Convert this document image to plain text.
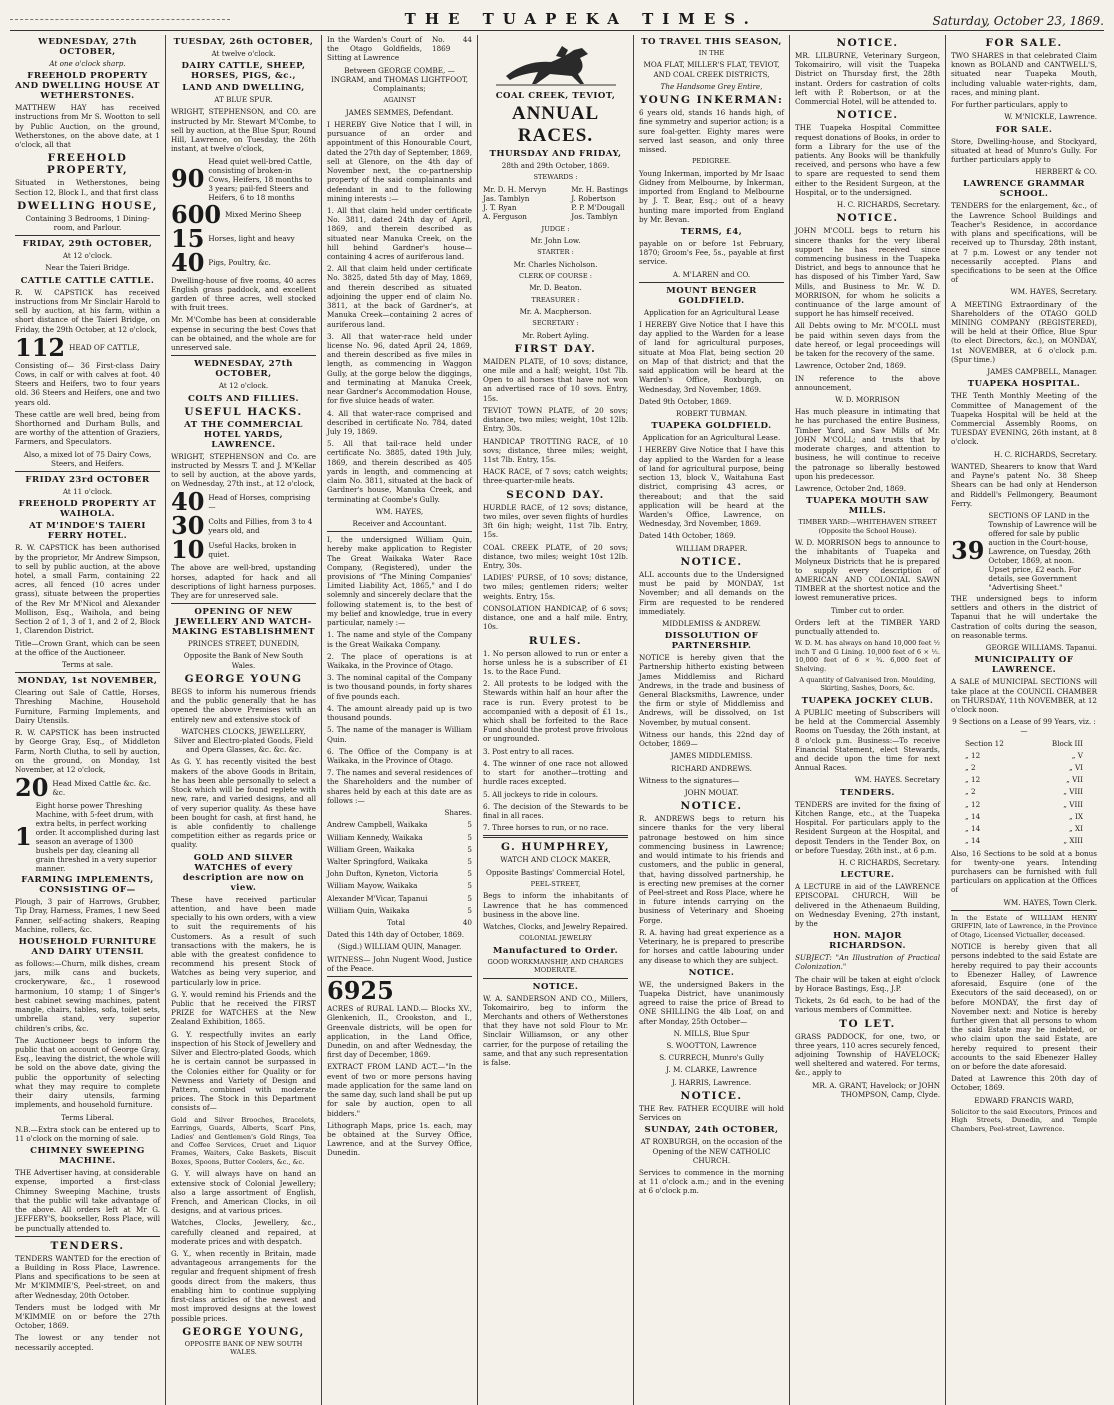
THE TUAPEKA TIMES.	Saturday, October 23, 1869.
WEDNESDAY, 27th OCTOBER,
At one o'clock sharp.
FREEHOLD PROPERTY AND DWELLING HOUSE AT WETHERSTONES.
MATTHEW HAY has received instructions from Mr S. Wootton to sell by Public Auction, on the ground, Wetherstones, on the above date, at 1 o'clock, all that
FREEHOLD PROPERTY,
Situated in Wetherstones, being Section 12, Block I., and that first class
DWELLING HOUSE,
Containing 3 Bedrooms, 1 Dining-room, and Parlour.
FRIDAY, 29th OCTOBER,
At 12 o'clock.
Near the Taieri Bridge.
CATTLE CATTLE CATTLE.
R. W. CAPSTICK has received instructions from Mr Sinclair Harold to sell by auction, at his farm, within a short distance of the Taieri Bridge, on Friday, the 29th October, at 12 o'clock,
112 HEAD OF CATTLE,
Consisting of— 36 First-class Dairy Cows, in calf or with calves at foot. 40 Steers and Heifers, two to four years old. 36 Steers and Heifers, one and two years old.
These cattle are well bred, being from Shorthorned and Durham Bulls, and are worthy of the attention of Graziers, Farmers, and Speculators.
Also, a mixed lot of 75 Dairy Cows, Steers, and Heifers.
FRIDAY 23rd OCTOBER
At 11 o'clock.
FREEHOLD PROPERTY AT WAIHOLA.
AT M'INDOE'S TAIERI FERRY HOTEL.
R. W. CAPSTICK has been authorised by the proprietor, Mr Andrew Simpson, to sell by public auction, at the above hotel, a small Farm, containing 22 acres, all fenced (10 acres under grass), situate between the properties of the Rev Mr M'Nicol and Alexander Mollison, Esq., Waihola, and being Section 2 of 1, 3 of 1, and 2 of 2, Block 1, Clarendon District.
Title—Crown Grant, which can be seen at the office of the Auctioneer.
Terms at sale.
MONDAY, 1st NOVEMBER,
Clearing out Sale of Cattle, Horses, Threshing Machine, Household Furniture, Farming Implements, and Dairy Utensils.
R. W. CAPSTICK has been instructed by George Gray, Esq., of Middleton Farm, North Clutha, to sell by auction, on the ground, on Monday, 1st November, at 12 o'clock,
20 Head Mixed Cattle &c. &c. &c.
1
Eight horse power Threshing Machine, with 5-feet drum, with extra belts, in perfect working order. It accomplished during last season an average of 1300 bushels per day, cleaning all grain threshed in a very superior manner.
FARMING IMPLEMENTS, CONSISTING OF—
Plough, 3 pair of Harrows, Grubber, Tip Dray, Harness, Frames, 1 new Seed Fanner, self-acting shakers, Reaping Machine, rollers, &c.
HOUSEHOLD FURNITURE AND DAIRY UTENSIL
as follows:—Churn, milk dishes, cream jars, milk cans and buckets, crockeryware, &c., 1 rosewood harmonium, 10 stamp; 1 of Singer's best cabinet sewing machines, patent mangle, chairs, tables, sofa, toilet sets, umbrella stand, very superior children's cribs, &c.
The Auctioneer begs to inform the public that on account of George Gray, Esq., leaving the district, the whole will be sold on the above date, giving the public the opportunity of selecting what they may require to complete their dairy utensils, farming implements, and household furniture.
Terms Liberal.
N.B.—Extra stock can be entered up to 11 o'clock on the morning of sale.
CHIMNEY SWEEPING MACHINE.
THE Advertiser having, at considerable expense, imported a first-class Chimney Sweeping Machine, trusts that the public will take advantage of the above. All orders left at Mr G. JEFFERY'S, bookseller, Ross Place, will be punctually attended to.
TENDERS.
TENDERS WANTED for the erection of a Building in Ross Place, Lawrence. Plans and specifications to be seen at Mr M'KIMMIE'S, Peel-street, on and after Wednesday, 20th October.
Tenders must be lodged with Mr M'KIMMIE on or before the 27th October, 1869.
The lowest or any tender not necessarily accepted.
TUESDAY, 26th OCTOBER,
At twelve o'clock.
DAIRY CATTLE, SHEEP, HORSES, PIGS, &c.,
LAND AND DWELLING,
AT BLUE SPUR.
WRIGHT, STEPHENSON, and CO. are instructed by Mr. Stewart M'Combe, to sell by auction, at the Blue Spur, Round Hill, Lawrence, on Tuesday, the 26th instant, at twelve o'clock,
90
Head quiet well-bred Cattle, consisting of broken-in Cows, Heifers, 18 months to 3 years; pail-fed Steers and Heifers, 6 to 18 months
600 Mixed Merino Sheep
15 Horses, light and heavy
40 Pigs, Poultry, &c.
Dwelling-house of five rooms, 40 acres English grass paddock, and excellent garden of three acres, well stocked with fruit trees.
Mr. M'Combe has been at considerable expense in securing the best Cows that can be obtained, and the whole are for unreserved sale.
WEDNESDAY, 27th OCTOBER,
At 12 o'clock.
COLTS AND FILLIES.
USEFUL HACKS.
AT THE COMMERCIAL HOTEL YARDS, LAWRENCE.
WRIGHT, STEPHENSON and Co. are instructed by Messrs T. and J. M'Kellar to sell by auction, at the above yards, on Wednesday, 27th inst., at 12 o'clock,
40 Head of Horses, comprising—
30 Colts and Fillies, from 3 to 4 years old, and
10 Useful Hacks, broken in quiet.
The above are well-bred, upstanding horses, adapted for hack and all descriptions of light harness purposes. They are for unreserved sale.
OPENING OF NEW JEWELLERY AND WATCH-MAKING ESTABLISHMENT
PRINCES STREET, DUNEDIN,
Opposite the Bank of New South Wales.
GEORGE YOUNG
BEGS to inform his numerous friends and the public generally that he has opened the above Premises with an entirely new and extensive stock of
WATCHES CLOCKS, JEWELLERY, Silver and Electro-plated Goods, Field and Opera Glasses, &c. &c. &c.
As G. Y. has recently visited the best makers of the above Goods in Britain, he has been able personally to select a Stock which will be found replete with new, rare, and varied designs, and all of very superior quality. As these have been bought for cash, at first hand, he is able confidently to challenge competition either as regards price or quality.
GOLD AND SILVER WATCHES of every description are now on view.
These have received particular attention, and have been made specially to his own orders, with a view to suit the requirements of his Customers. As a result of such transactions with the makers, he is able with the greatest confidence to recommend his present Stock of Watches as being very superior, and particularly low in price.
G. Y. would remind his Friends and the Public that he received the FIRST PRIZE for WATCHES at the New Zealand Exhibition, 1865.
G. Y. respectfully invites an early inspection of his Stock of Jewellery and Silver and Electro-plated Goods, which he is certain cannot be surpassed in the Colonies either for Quality or for Newness and Variety of Design and Pattern, combined with moderate prices. The Stock in this Department consists of—
Gold and Silver Brooches, Bracelets, Earrings, Guards, Alberts, Scarf Pins, Ladies' and Gentlemen's Gold Rings, Tea and Coffee Services, Cruet and Liquor Frames, Waiters, Cake Baskets, Biscuit Boxes, Spoons, Butter Coolers, &c., &c.
G. Y. will always have on hand an extensive stock of Colonial Jewellery; also a large assortment of English, French, and American Clocks, in oil designs, and at various prices.
Watches, Clocks, Jewellery, &c., carefully cleaned and repaired, at moderate prices and with despatch.
G. Y., when recently in Britain, made advantageous arrangements for the regular and frequent shipment of fresh goods direct from the makers, thus enabling him to continue supplying first-class articles of the newest and most improved designs at the lowest possible prices.
GEORGE YOUNG,
OPPOSITE BANK OF NEW SOUTH WALES.
In the Warden's Court of the Otago Goldfields, Sitting at Lawrence
No. 44 1869
Between GEORGE COMBE, — INGRAM, and THOMAS LIGHTFOOT, Complainants;
AGAINST
JAMES SEMMES, Defendant.
I HEREBY Give Notice that I will, in pursuance of an order and appointment of this Honourable Court, dated the 27th day of September, 1869, sell at Glenore, on the 4th day of November next, the co-partnership property of the said complainants and defendant in and to the following mining interests :—
1. All that claim held under certificate No. 3811, dated 24th day of April, 1869, and therein described as situated near Manuka Creek, on the hill behind Gardner's house—containing 4 acres of auriferous land.
2. All that claim held under certificate No. 3825, dated 5th day of May, 1869, and therein described as situated adjoining the upper end of claim No. 3811, at the back of Gardner's, at Manuka Creek—containing 2 acres of auriferous land.
3. All that water-race held under license No. 96, dated April 24, 1869, and therein described as five miles in length, as commencing in Waggon Gully, at the gorge below the diggings, and terminating at Manuka Creek, near Gardner's Accommodation House, for five sluice heads of water.
4. All that water-race comprised and described in certificate No. 784, dated July 19, 1869.
5. All that tail-race held under certificate No. 3885, dated 19th July, 1869, and therein described as 405 yards in length, and commencing at claim No. 3811, situated at the back of Gardner's house, Manuka Creek, and terminating at Coombe's Gully.
WM. HAYES,
Receiver and Accountant.
I, the undersigned William Quin, hereby make application to Register The Great Waikaka Water Race Company, (Registered), under the provisions of "The Mining Companies' Limited Liability Act, 1865," and I do solemnly and sincerely declare that the following statement is, to the best of my belief and knowledge, true in every particular, namely :—
1. The name and style of the Company is the Great Waikaka Company.
2. The place of operations is at Waikaka, in the Province of Otago.
3. The nominal capital of the Company is two thousand pounds, in forty shares of five pounds each.
4. The amount already paid up is two thousand pounds.
5. The name of the manager is William Quin.
6. The Office of the Company is at Waikaka, in the Province of Otago.
7. The names and several residences of the Shareholders and the number of shares held by each at this date are as follows :—
Shares.
Andrew Campbell, Waikaka	5
William Kennedy, Waikaka	5
William Green, Waikaka	5
Walter Springford, Waikaka	5
John Dufton, Kyneton, Victoria	5
William Mayow, Waikaka	5
Alexander M'Vicar, Tapanui	5
William Quin, Waikaka	5
Total	40
Dated this 14th day of October, 1869.
(Sigd.) WILLIAM QUIN, Manager.
WITNESS— John Nugent Wood, Justice of the Peace.
6925
ACRES of RURAL LAND.— Blocks XV., Glenkenich, II., Crookston, and I., Greenvale districts, will be open for application, in the Land Office, Dunedin, on and after Wednesday, the first day of December, 1869.
EXTRACT FROM LAND ACT.—"In the event of two or more persons having made application for the same land on the same day, such land shall be put up for sale by auction, open to all bidders."
Lithograph Maps, price 1s. each, may be obtained at the Survey Office, Lawrence, and at the Survey Office, Dunedin.
COAL CREEK, TEVIOT,
ANNUAL RACES.
THURSDAY AND FRIDAY,
28th and 29th October, 1869.
STEWARDS :
Mr. D. H. Mervyn
Jas. Tamblyn
J. T. Ryan
A. Ferguson
Mr. H. Bastings
J. Robertson
P. P. M'Dougall
Jos. Tamblyn
JUDGE :
Mr. John Low.
STARTER :
Mr. Charles Nicholson.
CLERK OF COURSE :
Mr. D. Beaton.
TREASURER :
Mr. A. Macpherson.
SECRETARY :
Mr. Robert Ayling.
FIRST DAY.
MAIDEN PLATE, of 10 sovs; distance, one mile and a half; weight, 10st 7lb. Open to all horses that have not won an advertised race of 10 sovs. Entry, 15s.
TEVIOT TOWN PLATE, of 20 sovs; distance, two miles; weight, 10st 12lb. Entry, 30s.
HANDICAP TROTTING RACE, of 10 sovs; distance, three miles; weight, 11st 7lb. Entry, 15s.
HACK RACE, of 7 sovs; catch weights; three-quarter-mile heats.
SECOND DAY.
HURDLE RACE, of 12 sovs; distance, two miles, over seven flights of hurdles 3ft 6in high; weight, 11st 7lb. Entry, 15s.
COAL CREEK PLATE, of 20 sovs; distance, two miles; weight 10st 12lb. Entry, 30s.
LADIES' PURSE, of 10 sovs; distance, two miles; gentlemen riders; welter weights. Entry, 15s.
CONSOLATION HANDICAP, of 6 sovs; distance, one and a half mile. Entry, 10s.
RULES.
1. No person allowed to run or enter a horse unless he is a subscriber of £1 1s. to the Race Fund.
2. All protests to be lodged with the Stewards within half an hour after the race is run. Every protest to be accompanied with a deposit of £1 1s., which shall be forfeited to the Race Fund should the protest prove frivolous or ungrounded.
3. Post entry to all races.
4. The winner of one race not allowed to start for another—trotting and hurdle races excepted.
5. All jockeys to ride in colours.
6. The decision of the Stewards to be final in all races.
7. Three horses to run, or no race.
G. HUMPHREY,
WATCH AND CLOCK MAKER,
Opposite Bastings' Commercial Hotel,
PEEL-STREET,
Begs to inform the inhabitants of Lawrence that he has commenced business in the above line.
Watches, Clocks, and Jewelry Repaired.
COLONIAL JEWELRY
Manufactured to Order.
GOOD WORKMANSHIP, AND CHARGES MODERATE.
NOTICE.
W. A. SANDERSON AND CO., Millers, Tokomairiro, beg to inform the Merchants and others of Wetherstones that they have not sold Flour to Mr. Sinclair Williamson, or any other carrier, for the purpose of retailing the same, and that any such representation is false.
TO TRAVEL THIS SEASON,
IN THE
MOA FLAT, MILLER'S FLAT, TEVIOT, AND COAL CREEK DISTRICTS,
The Handsome Grey Entire,
YOUNG INKERMAN:
6 years old, stands 16 hands high, of fine symmetry and superior action; is a sure foal-getter. Eighty mares were served last season, and only three missed.
PEDIGREE.
Young Inkerman, imported by Mr Isaac Gidney from Melbourne, by Inkerman, imported from England to Melbourne by J. T. Bear, Esq.; out of a heavy hunting mare imported from England by Mr. Bevan.
TERMS, £4,
payable on or before 1st February, 1870; Groom's Fee, 5s., payable at first service.
A. M'LAREN and CO.
MOUNT BENGER GOLDFIELD.
Application for an Agricultural Lease
I HEREBY Give Notice that I have this day applied to the Warden for a lease of land for agricultural purposes, situate at Moa Flat, being section 20 on Map of that district; and that the said application will be heard at the Warden's Office, Roxburgh, on Wednesday, 3rd November, 1869.
Dated 9th October, 1869.
ROBERT TUBMAN.
TUAPEKA GOLDFIELD.
Application for an Agricultural Lease.
I HEREBY Give Notice that I have this day applied to the Warden for a lease of land for agricultural purpose, being section 13, block V., Waitahuna East district, comprising 43 acres, or thereabout; and that the said application will be heard at the Warden's Office, Lawrence, on Wednesday, 3rd November, 1869.
Dated 14th October, 1869.
WILLIAM DRAPER.
NOTICE.
ALL accounts due to the Undersigned must be paid by MONDAY, 1st November; and all demands on the Firm are requested to be rendered immediately.
MIDDLEMISS & ANDREW.
DISSOLUTION OF PARTNERSHIP.
NOTICE is hereby given that the Partnership hitherto existing between James Middlemiss and Richard Andrews, in the trade and business of General Blacksmiths, Lawrence, under the firm or style of Middlemiss and Andrews, will be dissolved, on 1st November, by mutual consent.
Witness our hands, this 22nd day of October, 1869—
JAMES MIDDLEMISS.
RICHARD ANDREWS.
Witness to the signatures—
JOHN MOUAT.
NOTICE.
R. ANDREWS begs to return his sincere thanks for the very liberal patronage bestowed on him since commencing business in Lawrence; and would intimate to his friends and customers, and the public in general, that, having dissolved partnership, he is erecting new premises at the corner of Peel-street and Ross Place, where he in future intends carrying on the business of Veterinary and Shoeing Forge.
R. A. having had great experience as a Veterinary, he is prepared to prescribe for horses and cattle labouring under any disease to which they are subject.
NOTICE.
WE, the undersigned Bakers in the Tuapeka District, have unanimously agreed to raise the price of Bread to ONE SHILLING the 4lb Loaf, on and after Monday, 25th October—
N. MILLS, Blue Spur
S. WOOTTON, Lawrence
S. CURRECH, Munro's Gully
J. M. CLARKE, Lawrence
J. HARRIS, Lawrence.
NOTICE.
THE Rev. FATHER ECQUIRE will hold Services on
SUNDAY, 24th OCTOBER,
AT ROXBURGH, on the occasion of the Opening of the NEW CATHOLIC CHURCH.
Services to commence in the morning at 11 o'clock a.m.; and in the evening at 6 o'clock p.m.
NOTICE.
MR. LILBURNE, Veterinary Surgeon, Tokomairiro, will visit the Tuapeka District on Thursday first, the 28th instant. Orders for castration of colts left with P. Robertson, or at the Commercial Hotel, will be attended to.
NOTICE.
THE Tuapeka Hospital Committee request donations of Books, in order to form a Library for the use of the patients. Any Books will be thankfully received, and persons who have a few to spare are requested to send them either to the Resident Surgeon, at the Hospital, or to the undersigned.
H. C. RICHARDS, Secretary.
NOTICE.
JOHN M'COLL begs to return his sincere thanks for the very liberal support he has received since commencing business in the Tuapeka District, and begs to announce that he has disposed of his Timber Yard, Saw Mills, and Business to Mr. W. D. MORRISON, for whom he solicits a continuance of the large amount of support he has himself received.
All Debts owing to Mr. M'COLL must be paid within seven days from the date hereof, or legal proceedings will be taken for the recovery of the same.
Lawrence, October 2nd, 1869.
IN reference to the above announcement,
W. D. MORRISON
Has much pleasure in intimating that he has purchased the entire Business, Timber Yard, and Saw Mills of Mr. JOHN M'COLL; and trusts that by moderate charges, and attention to business, he will continue to receive the patronage so liberally bestowed upon his predecessor.
Lawrence, October 2nd, 1869.
TUAPEKA MOUTH SAW MILLS.
TIMBER YARD:—WHITEHAVEN STREET (Opposite the School House).
W. D. MORRISON begs to announce to the inhabitants of Tuapeka and Molyneux Districts that he is prepared to supply every description of AMERICAN AND COLONIAL SAWN TIMBER at the shortest notice and the lowest remunerative prices.
Timber cut to order.
Orders left at the TIMBER YARD punctually attended to.
W. D. M. has always on hand 10,000 feet ½ inch T and G Lining. 10,000 feet of 6 × ½. 10,000 feet of 6 × ¾. 6,000 feet of Shelving.
A quantity of Galvanised Iron. Moulding, Skirting, Sashes, Doors, &c.
TUAPEKA JOCKEY CLUB.
A PUBLIC meeting of Subscribers will be held at the Commercial Assembly Rooms on Tuesday, the 26th instant, at 8 o'clock p.m. Business:—To receive Financial Statement, elect Stewards, and decide upon the time for next Annual Races.
WM. HAYES. Secretary
TENDERS.
TENDERS are invited for the fixing of Kitchen Range, etc., at the Tuapeka Hospital. For particulars apply to the Resident Surgeon at the Hospital, and deposit Tenders in the Tender Box, on or before Tuesday, 26th inst., at 6 p.m.
H. C RICHARDS, Secretary.
LECTURE.
A LECTURE in aid of the LAWRENCE EPISCOPAL CHURCH, Will be delivered in the Athenaeum Building, on Wednesday Evening, 27th instant, by the
HON. MAJOR RICHARDSON.
SUBJECT: "An Illustration of Practical Colonization."
The chair will be taken at eight o'clock by Horace Bastings, Esq., J.P.
Tickets, 2s 6d each, to be had of the various members of Committee.
TO LET.
GRASS PADDOCK, for one, two, or three years, 110 acres securely fenced, adjoining Township of HAVELOCK; well sheltered and watered. For terms, &c., apply to
MR. A. GRANT, Havelock; or JOHN THOMPSON, Camp, Clyde.
FOR SALE.
TWO SHARES in that celebrated Claim known as BOLAND and CANTWELL'S, situated near Tuapeka Mouth, including valuable water-rights, dam, races, and mining plant.
For further particulars, apply to
W. M'NICKLE, Lawrence.
FOR SALE.
Store, Dwelling-house, and Stockyard, situated at head of Munro's Gully. For further particulars apply to
HERBERT & CO.
LAWRENCE GRAMMAR SCHOOL.
TENDERS for the enlargement, &c., of the Lawrence School Buildings and Teacher's Residence, in accordance with plans and specifications, will be received up to Thursday, 28th instant, at 7 p.m. Lowest or any tender not necessarily accepted. Plans and specifications to be seen at the Office of
WM. HAYES, Secretary.
A MEETING Extraordinary of the Shareholders of the OTAGO GOLD MINING COMPANY (REGISTERED), will be held at their Office, Blue Spur (to elect Directors, &c.), on MONDAY, 1st NOVEMBER, at 6 o'clock p.m. (Spur time.)
JAMES CAMPBELL, Manager.
TUAPEKA HOSPITAL.
THE Tenth Monthly Meeting of the Committee of Management of the Tuapeka Hospital will be held at the Commercial Assembly Rooms, on TUESDAY EVENING, 26th instant, at 8 o'clock.
H. C. RICHARDS, Secretary.
WANTED, Shearers to know that Ward and Payne's patent No. 38 Sheep Shears can be had only at Henderson and Riddell's Fellmongery, Beaumont Ferry.
39
SECTIONS OF LAND in the Township of Lawrence will be offered for sale by public auction in the Court-house, Lawrence, on Tuesday, 26th October, 1869, at noon. Upset price, £2 each. For details, see Government "Advertising Sheet."
THE undersigned begs to inform settlers and others in the district of Tapanui that he will undertake the Castration of colts during the season, on reasonable terms.
GEORGE WILLIAMS. Tapanui.
MUNICIPALITY OF LAWRENCE.
A SALE of MUNICIPAL SECTIONS will take place at the COUNCIL CHAMBER on THURSDAY, 11th NOVEMBER, at 12 o'clock noon.
9 Sections on a Lease of 99 Years, viz. :—
Section 12	Block III
„ 12	„ V
„ 2	„ VI
„ 12	„ VII
„ 2	„ VIII
„ 12	„ VIII
„ 14	„ IX
„ 14	„ XI
„ 14	„ XIII
Also, 16 Sections to be sold at a bonus for twenty-one years. Intending purchasers can be furnished with full particulars on application at the Offices of
WM. HAYES, Town Clerk.
In the Estate of WILLIAM HENRY GRIFFIN, late of Lawrence, in the Province of Otago, Licensed Victualler, deceased.
NOTICE is hereby given that all persons indebted to the said Estate are hereby required to pay their accounts to Ebenezer Halley, of Lawrence aforesaid, Esquire (one of the Executors of the said deceased), on or before MONDAY, the first day of November next: and Notice is hereby further given that all persons to whom the said Estate may be indebted, or who claim upon the said Estate, are hereby required to present their accounts to the said Ebenezer Halley on or before the date aforesaid.
Dated at Lawrence this 20th day of October, 1869.
EDWARD FRANCIS WARD,
Solicitor to the said Executors, Princes and High Streets, Dunedin, and Temple Chambers, Peel-street, Lawrence.
